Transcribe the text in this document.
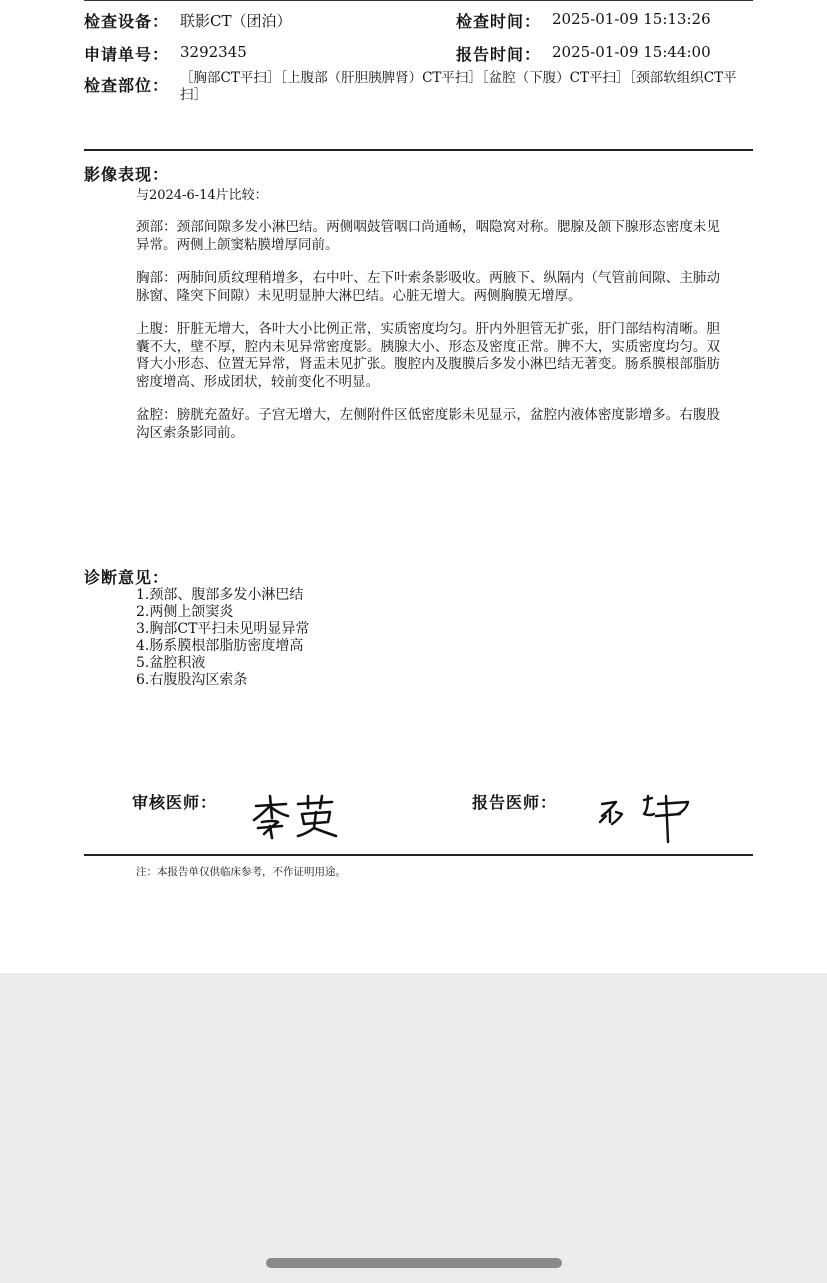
检查设备： 联影CT（团泊）	检查时间： 2025-01-09 15:13:26
申请单号： 3292345	报告时间： 2025-01-09 15:44:00
检查部位： ［胸部CT平扫］［上腹部（肝胆胰脾肾）CT平扫］［盆腔（下腹）CT平扫］［颈部软组织CT平扫］
影像表现：
与2024-6-14片比较：

颈部：颈部间隙多发小淋巴结。两侧咽鼓管咽口尚通畅，咽隐窝对称。腮腺及颌下腺形态密度未见异常。两侧上颌窦粘膜增厚同前。

胸部：两肺间质纹理稍增多，右中叶、左下叶索条影吸收。两腋下、纵隔内（气管前间隙、主肺动脉窗、隆突下间隙）未见明显肿大淋巴结。心脏无增大。两侧胸膜无增厚。

上腹：肝脏无增大，各叶大小比例正常，实质密度均匀。肝内外胆管无扩张，肝门部结构清晰。胆囊不大，壁不厚，腔内未见异常密度影。胰腺大小、形态及密度正常。脾不大，实质密度均匀。双肾大小形态、位置无异常，肾盂未见扩张。腹腔内及腹膜后多发小淋巴结无著变。肠系膜根部脂肪密度增高、形成团状，较前变化不明显。

盆腔：膀胱充盈好。子宫无增大，左侧附件区低密度影未见显示，盆腔内液体密度影增多。右腹股沟区索条影同前。

诊断意见：
1.颈部、腹部多发小淋巴结
2.两侧上颌窦炎
3.胸部CT平扫未见明显异常
4.肠系膜根部脂肪密度增高
5.盆腔积液
6.右腹股沟区索条
审核医师：	报告医师：
注：本报告单仅供临床参考，不作证明用途。
